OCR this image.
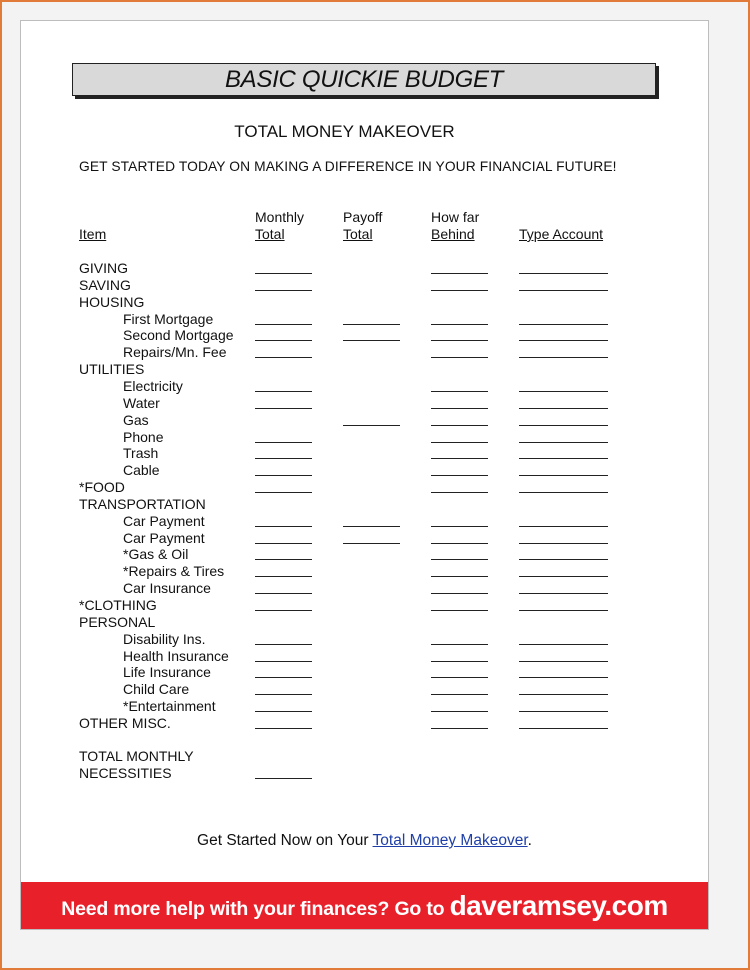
BASIC QUICKIE BUDGET
TOTAL MONEY MAKEOVER
GET STARTED TODAY ON MAKING A DIFFERENCE IN YOUR FINANCIAL FUTURE!

Item
Monthly
Total
Payoff
Total
How far
Behind
	Type Account
GIVING
SAVING
HOUSING
First Mortgage
Second Mortgage
Repairs/Mn. Fee
UTILITIES
Electricity
Water
Gas
Phone
Trash
Cable
*FOOD
TRANSPORTATION
Car Payment
Car Payment
*Gas & Oil
*Repairs & Tires
Car Insurance
*CLOTHING
PERSONAL
Disability Ins.
Health Insurance
Life Insurance
Child Care
*Entertainment
OTHER MISC.
TOTAL MONTHLY
NECESSITIES
Get Started Now on Your Total Money Makeover.
Need more help with your finances? Go to daveramsey.com
